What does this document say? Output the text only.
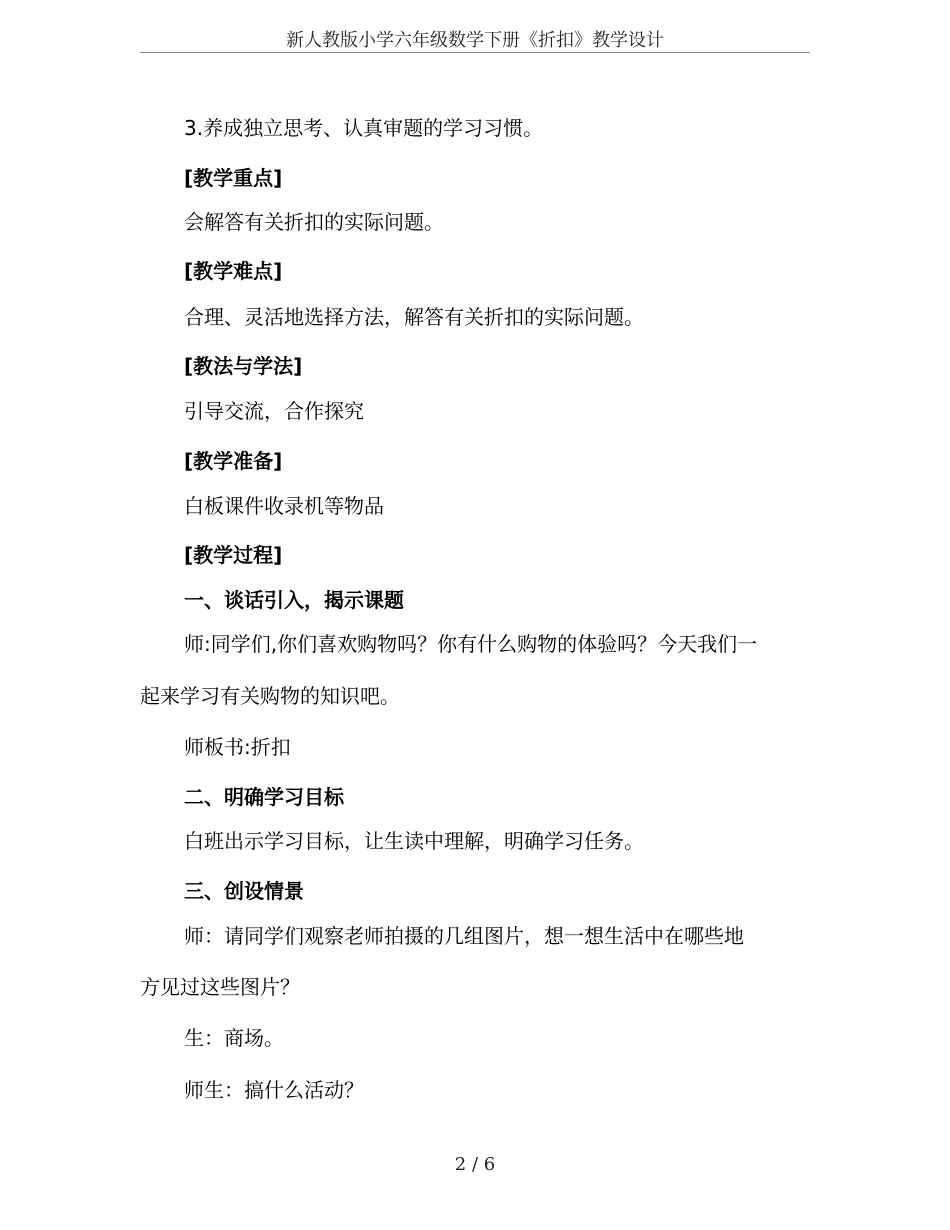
新人教版小学六年级数学下册《折扣》教学设计
3.养成独立思考、认真审题的学习习惯。
[教学重点]
会解答有关折扣的实际问题。
[教学难点]
合理、灵活地选择方法，解答有关折扣的实际问题。
[教法与学法]
引导交流，合作探究
[教学准备]
白板课件收录机等物品
[教学过程]
一、谈话引入，揭示课题
师:同学们,你们喜欢购物吗？你有什么购物的体验吗？今天我们一
起来学习有关购物的知识吧。
师板书:折扣
二、明确学习目标
白班出示学习目标，让生读中理解，明确学习任务。
三、创设情景
师：请同学们观察老师拍摄的几组图片，想一想生活中在哪些地
方见过这些图片？
生：商场。
师生：搞什么活动？
2 / 6
